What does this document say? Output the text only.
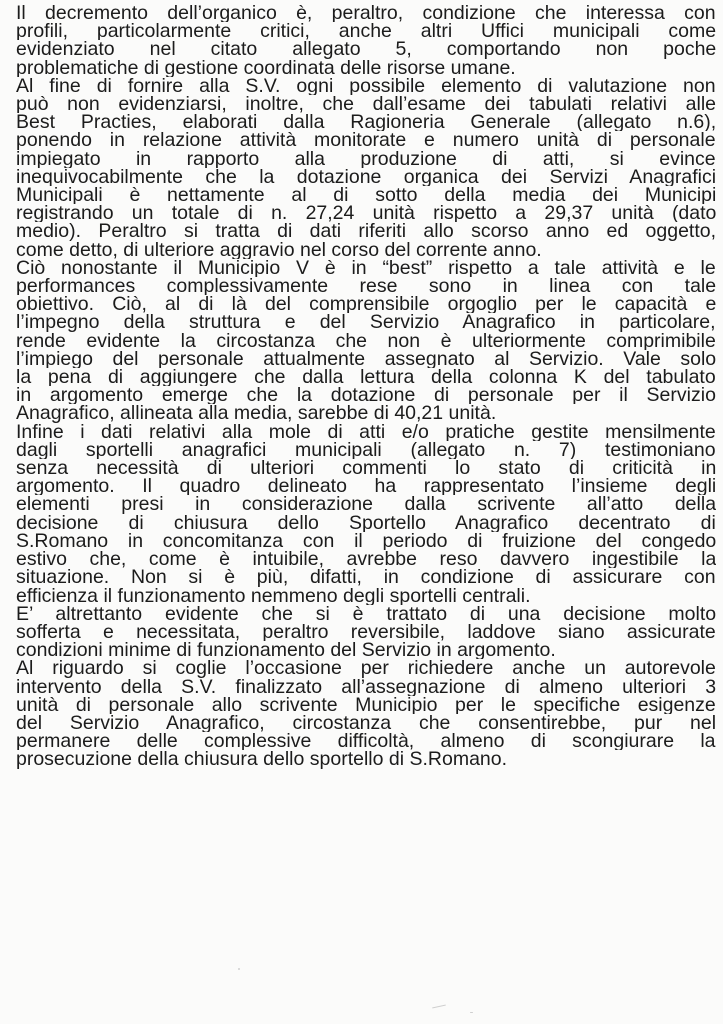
Il decremento dell’organico è, peraltro, condizione che interessa con
profili, particolarmente critici, anche altri Uffici municipali come
evidenziato nel citato allegato 5, comportando non poche
problematiche di gestione coordinata delle risorse umane.

Al fine di fornire alla S.V. ogni possibile elemento di valutazione non
può non evidenziarsi, inoltre, che dall’esame dei tabulati relativi alle
Best Practies, elaborati dalla Ragioneria Generale (allegato n.6),
ponendo in relazione attività monitorate e numero unità di personale
impiegato in rapporto alla produzione di atti, si evince
inequivocabilmente che la dotazione organica dei Servizi Anagrafici
Municipali è nettamente al di sotto della media dei Municipi
registrando un totale di n. 27,24 unità rispetto a 29,37 unità (dato
medio). Peraltro si tratta di dati riferiti allo scorso anno ed oggetto,
come detto, di ulteriore aggravio nel corso del corrente anno.

Ciò nonostante il Municipio V è in “best” rispetto a tale attività e le
performances complessivamente rese sono in linea con tale
obiettivo. Ciò, al di là del comprensibile orgoglio per le capacità e
l’impegno della struttura e del Servizio Anagrafico in particolare,
rende evidente la circostanza che non è ulteriormente comprimibile
l’impiego del personale attualmente assegnato al Servizio. Vale solo
la pena di aggiungere che dalla lettura della colonna K del tabulato
in argomento emerge che la dotazione di personale per il Servizio
Anagrafico, allineata alla media, sarebbe di 40,21 unità.

Infine i dati relativi alla mole di atti e/o pratiche gestite mensilmente
dagli sportelli anagrafici municipali (allegato n. 7) testimoniano
senza necessità di ulteriori commenti lo stato di criticità in
argomento. Il quadro delineato ha rappresentato l’insieme degli
elementi presi in considerazione dalla scrivente all’atto della
decisione di chiusura dello Sportello Anagrafico decentrato di
S.Romano in concomitanza con il periodo di fruizione del congedo
estivo che, come è intuibile, avrebbe reso davvero ingestibile la
situazione. Non si è più, difatti, in condizione di assicurare con
efficienza il funzionamento nemmeno degli sportelli centrali.

E’ altrettanto evidente che si è trattato di una decisione molto
sofferta e necessitata, peraltro reversibile, laddove siano assicurate
condizioni minime di funzionamento del Servizio in argomento.

Al riguardo si coglie l’occasione per richiedere anche un autorevole
intervento della S.V. finalizzato all’assegnazione di almeno ulteriori 3
unità di personale allo scrivente Municipio per le specifiche esigenze
del Servizio Anagrafico, circostanza che consentirebbe, pur nel
permanere delle complessive difficoltà, almeno di scongiurare la
prosecuzione della chiusura dello sportello di S.Romano.
